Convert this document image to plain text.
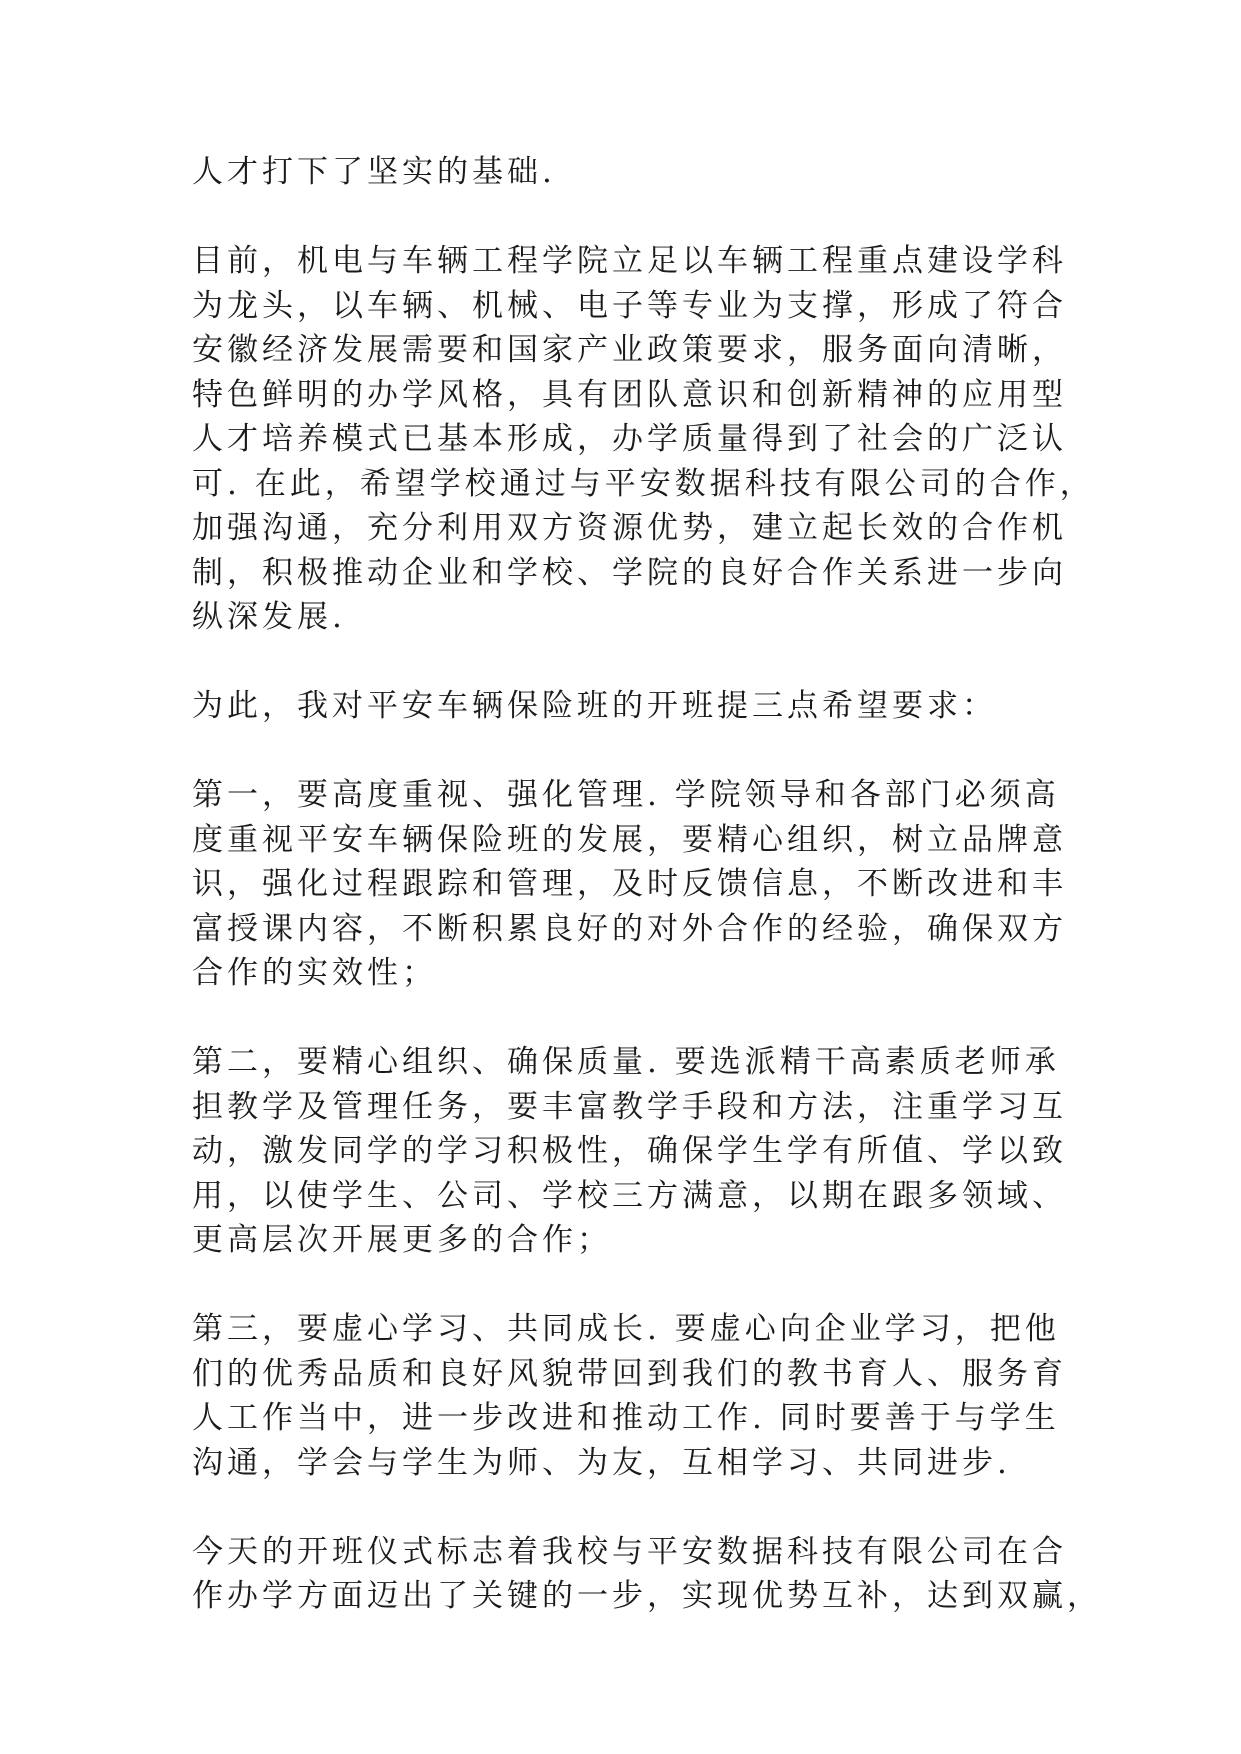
人才打下了坚实的基础.

目前，机电与车辆工程学院立足以车辆工程重点建设学科
为龙头，以车辆、机械、电子等专业为支撑，形成了符合
安徽经济发展需要和国家产业政策要求，服务面向清晰，
特色鲜明的办学风格，具有团队意识和创新精神的应用型
人才培养模式已基本形成，办学质量得到了社会的广泛认
可. 在此，希望学校通过与平安数据科技有限公司的合作，
加强沟通，充分利用双方资源优势，建立起长效的合作机
制，积极推动企业和学校、学院的良好合作关系进一步向
纵深发展.

为此，我对平安车辆保险班的开班提三点希望要求：

第一，要高度重视、强化管理. 学院领导和各部门必须高
度重视平安车辆保险班的发展，要精心组织，树立品牌意
识，强化过程跟踪和管理，及时反馈信息，不断改进和丰
富授课内容，不断积累良好的对外合作的经验，确保双方
合作的实效性；

第二，要精心组织、确保质量. 要选派精干高素质老师承
担教学及管理任务，要丰富教学手段和方法，注重学习互
动，激发同学的学习积极性，确保学生学有所值、学以致
用，以使学生、公司、学校三方满意，以期在跟多领域、
更高层次开展更多的合作；

第三，要虚心学习、共同成长. 要虚心向企业学习，把他
们的优秀品质和良好风貌带回到我们的教书育人、服务育
人工作当中，进一步改进和推动工作. 同时要善于与学生
沟通，学会与学生为师、为友，互相学习、共同进步.

今天的开班仪式标志着我校与平安数据科技有限公司在合
作办学方面迈出了关键的一步，实现优势互补，达到双赢，
